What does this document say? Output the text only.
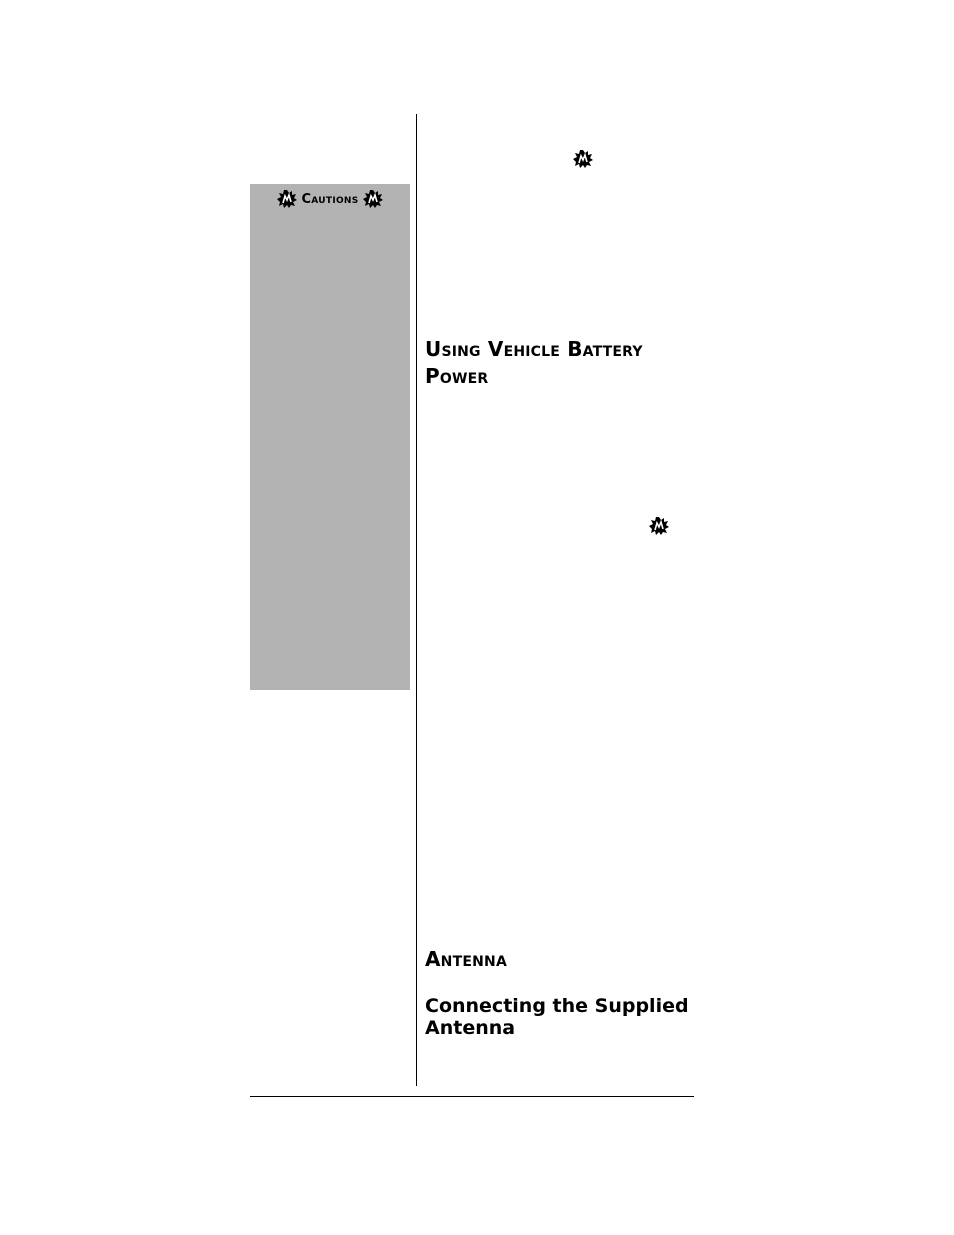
Cautions
Using Vehicle Battery Power
Antenna
Connecting the Supplied Antenna
